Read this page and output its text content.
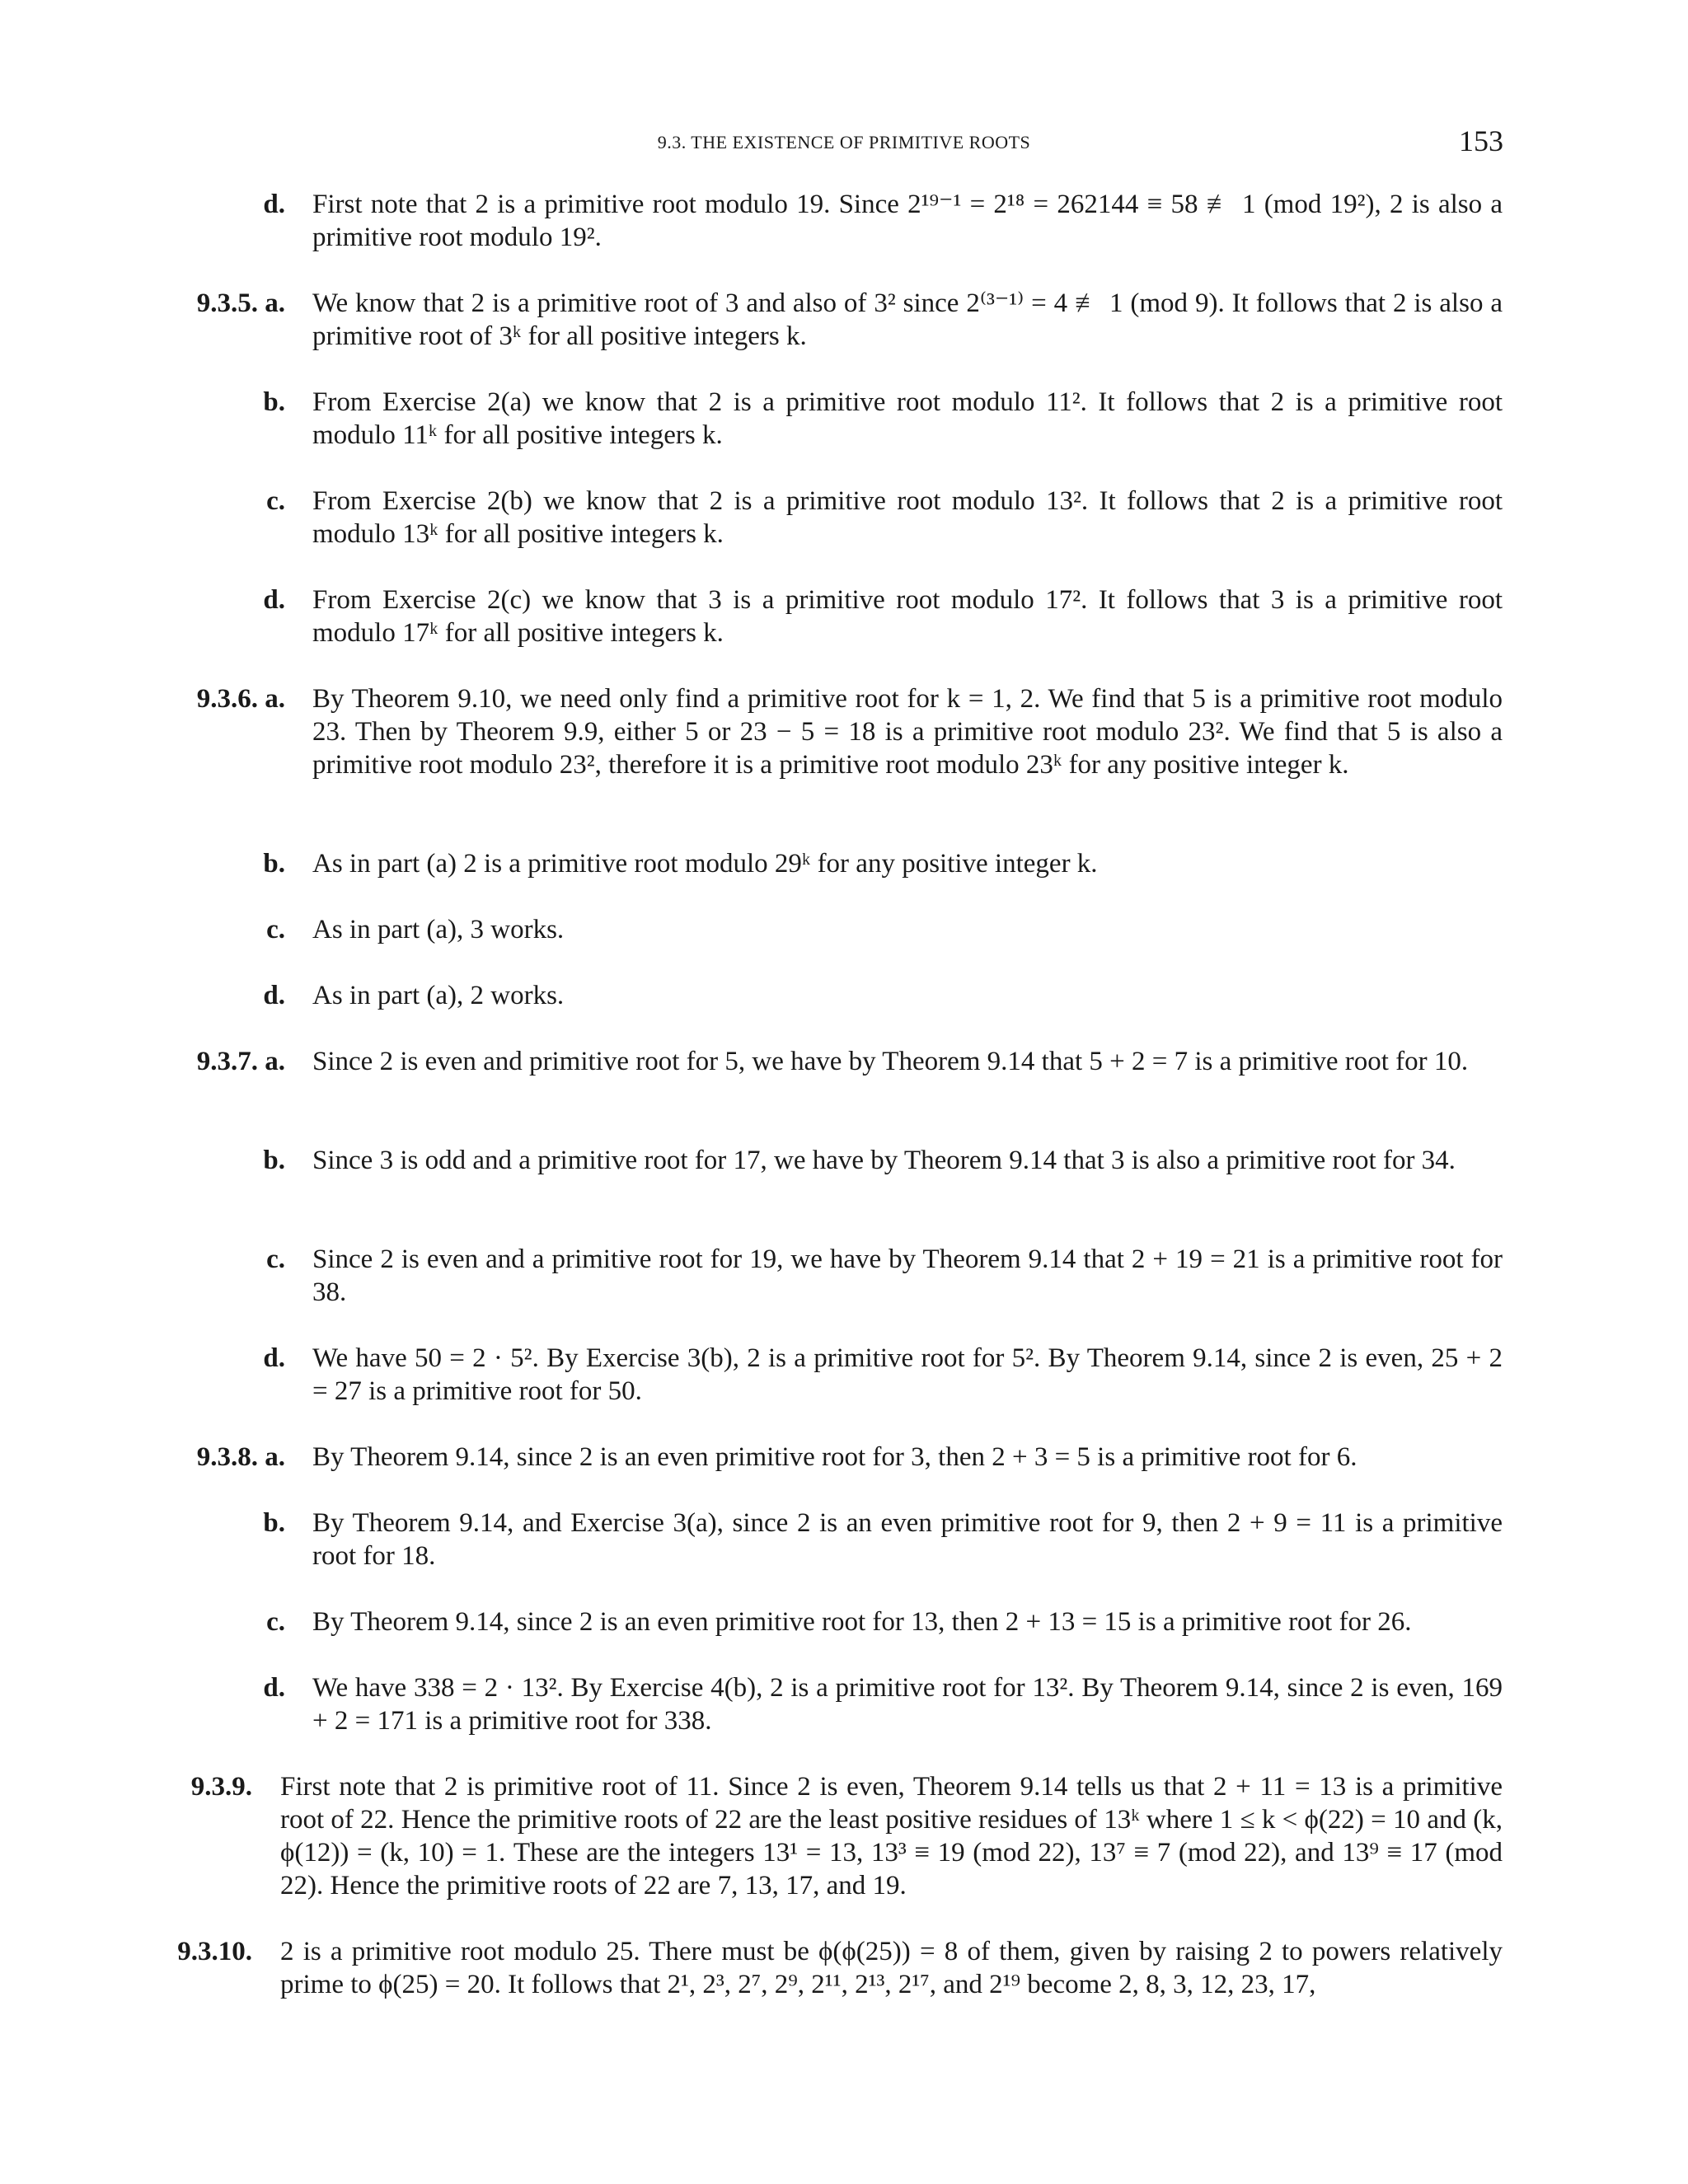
9.3. THE EXISTENCE OF PRIMITIVE ROOTS	153
d. First note that 2 is a primitive root modulo 19. Since 2¹⁹⁻¹ = 2¹⁸ = 262144 ≡ 58 ≢ 1 (mod 19²), 2 is also a primitive root modulo 19².
9.3.5. a. We know that 2 is a primitive root of 3 and also of 3² since 2⁽³⁻¹⁾ = 4 ≢ 1 (mod 9). It follows that 2 is also a primitive root of 3ᵏ for all positive integers k.
b. From Exercise 2(a) we know that 2 is a primitive root modulo 11². It follows that 2 is a primitive root modulo 11ᵏ for all positive integers k.
c. From Exercise 2(b) we know that 2 is a primitive root modulo 13². It follows that 2 is a primitive root modulo 13ᵏ for all positive integers k.
d. From Exercise 2(c) we know that 3 is a primitive root modulo 17². It follows that 3 is a primitive root modulo 17ᵏ for all positive integers k.
9.3.6. a. By Theorem 9.10, we need only find a primitive root for k = 1, 2. We find that 5 is a primitive root modulo 23. Then by Theorem 9.9, either 5 or 23 − 5 = 18 is a primitive root modulo 23². We find that 5 is also a primitive root modulo 23², therefore it is a primitive root modulo 23ᵏ for any positive integer k.
b. As in part (a) 2 is a primitive root modulo 29ᵏ for any positive integer k.
c. As in part (a), 3 works.
d. As in part (a), 2 works.
9.3.7. a. Since 2 is even and primitive root for 5, we have by Theorem 9.14 that 5 + 2 = 7 is a primitive root for 10.
b. Since 3 is odd and a primitive root for 17, we have by Theorem 9.14 that 3 is also a primitive root for 34.
c. Since 2 is even and a primitive root for 19, we have by Theorem 9.14 that 2 + 19 = 21 is a primitive root for 38.
d. We have 50 = 2 · 5². By Exercise 3(b), 2 is a primitive root for 5². By Theorem 9.14, since 2 is even, 25 + 2 = 27 is a primitive root for 50.
9.3.8. a. By Theorem 9.14, since 2 is an even primitive root for 3, then 2 + 3 = 5 is a primitive root for 6.
b. By Theorem 9.14, and Exercise 3(a), since 2 is an even primitive root for 9, then 2 + 9 = 11 is a primitive root for 18.
c. By Theorem 9.14, since 2 is an even primitive root for 13, then 2 + 13 = 15 is a primitive root for 26.
d. We have 338 = 2 · 13². By Exercise 4(b), 2 is a primitive root for 13². By Theorem 9.14, since 2 is even, 169 + 2 = 171 is a primitive root for 338.
9.3.9. First note that 2 is primitive root of 11. Since 2 is even, Theorem 9.14 tells us that 2 + 11 = 13 is a primitive root of 22. Hence the primitive roots of 22 are the least positive residues of 13ᵏ where 1 ≤ k < ϕ(22) = 10 and (k, ϕ(12)) = (k, 10) = 1. These are the integers 13¹ = 13, 13³ ≡ 19 (mod 22), 13⁷ ≡ 7 (mod 22), and 13⁹ ≡ 17 (mod 22). Hence the primitive roots of 22 are 7, 13, 17, and 19.
9.3.10. 2 is a primitive root modulo 25. There must be ϕ(ϕ(25)) = 8 of them, given by raising 2 to powers relatively prime to ϕ(25) = 20. It follows that 2¹, 2³, 2⁷, 2⁹, 2¹¹, 2¹³, 2¹⁷, and 2¹⁹ become 2, 8, 3, 12, 23, 17,
